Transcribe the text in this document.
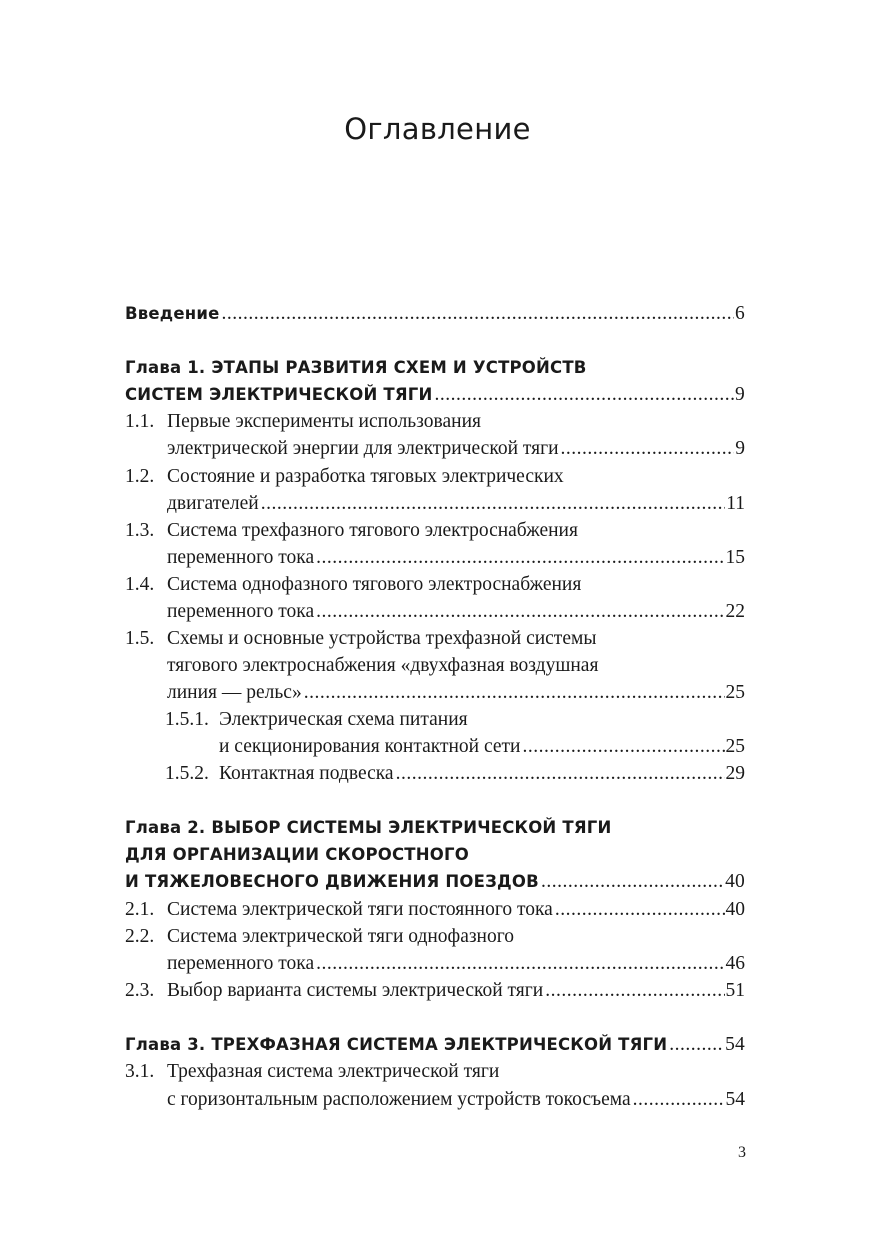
Оглавление
Введение .....	6
Глава 1. ЭТАПЫ РАЗВИТИЯ СХЕМ И УСТРОЙСТВ
СИСТЕМ ЭЛЕКТРИЧЕСКОЙ ТЯГИ .....	9
1.1. Первые эксперименты использования
электрической энергии для электрической тяги .....	9
1.2. Состояние и разработка тяговых электрических
двигателей .....	11
1.3. Система трехфазного тягового электроснабжения
переменного тока .....	15
1.4. Система однофазного тягового электроснабжения
переменного тока .....	22
1.5. Схемы и основные устройства трехфазной системы
тягового электроснабжения «двухфазная воздушная
линия — рельс» .....	25
1.5.1. Электрическая схема питания
и секционирования контактной сети .....	25
1.5.2. Контактная подвеска .....	29
Глава 2. ВЫБОР СИСТЕМЫ ЭЛЕКТРИЧЕСКОЙ ТЯГИ
ДЛЯ ОРГАНИЗАЦИИ СКОРОСТНОГО
И ТЯЖЕЛОВЕСНОГО ДВИЖЕНИЯ ПОЕЗДОВ .....	40
2.1. Система электрической тяги постоянного тока .....	40
2.2. Система электрической тяги однофазного
переменного тока .....	46
2.3. Выбор варианта системы электрической тяги .....	51
Глава 3. ТРЕХФАЗНАЯ СИСТЕМА ЭЛЕКТРИЧЕСКОЙ ТЯГИ .....	54
3.1. Трехфазная система электрической тяги
с горизонтальным расположением устройств токосъема .....	54
3
